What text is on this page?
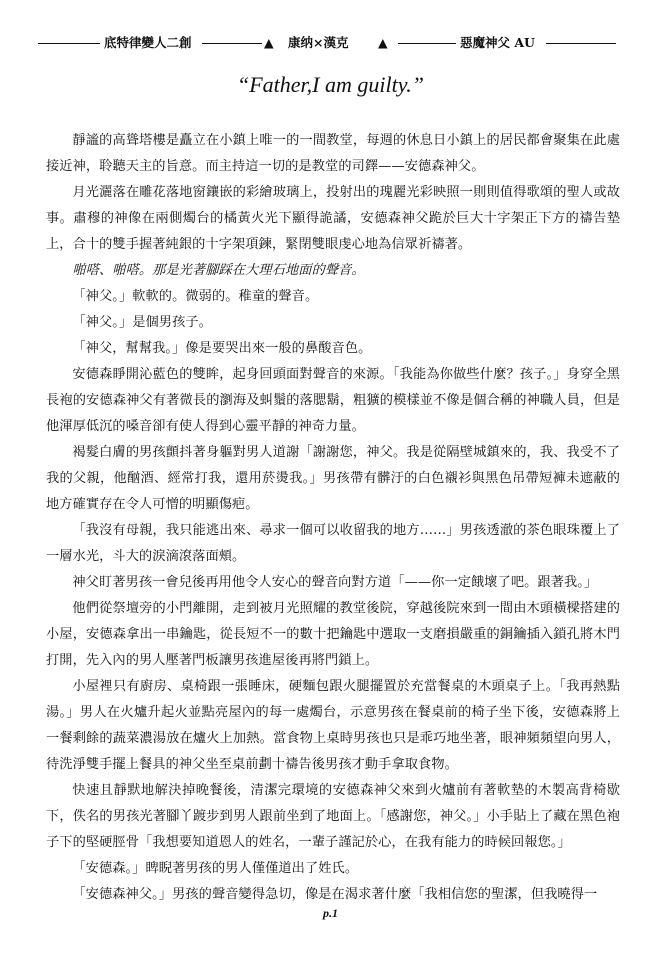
底特律變人二創	▲ 康纳×漢克 ▲	惡魔神父 AU
“Father,I am guilty.”

靜謐的高聳塔樓是矗立在小鎮上唯一的一間教堂，每週的休息日小鎮上的居民都會聚集在此處接近神，聆聽天主的旨意。而主持這一切的是教堂的司鐸——安德森神父。

月光灑落在雕花落地窗鑲嵌的彩繪玻璃上，投射出的瑰麗光彩映照一則則值得歌頌的聖人或故事。肅穆的神像在兩側燭台的橘黃火光下顯得詭譎，安德森神父跪於巨大十字架正下方的禱告墊上，合十的雙手握著純銀的十字架項鍊，緊閉雙眼虔心地為信眾祈禱著。

啪嗒、啪嗒。那是光著腳踩在大理石地面的聲音。

「神父。」軟軟的。微弱的。稚童的聲音。

「神父。」是個男孩子。

「神父，幫幫我。」像是要哭出來一般的鼻酸音色。

安德森睜開沁藍色的雙眸，起身回頭面對聲音的來源。「我能為你做些什麼？孩子。」身穿全黑長袍的安德森神父有著微長的瀏海及虯鬚的落腮鬍，粗獷的模樣並不像是個合稱的神職人員，但是他渾厚低沉的嗓音卻有使人得到心靈平靜的神奇力量。

褐髮白膚的男孩顫抖著身軀對男人道謝「謝謝您，神父。我是從隔壁城鎮來的，我、我受不了我的父親，他酗酒、經常打我，還用菸燙我。」男孩帶有髒汙的白色襯衫與黑色吊帶短褲未遮蔽的地方確實存在令人可憎的明顯傷疤。

「我沒有母親，我只能逃出來、尋求一個可以收留我的地方……」男孩透澈的茶色眼珠覆上了一層水光，斗大的淚滴滾落面頰。

神父盯著男孩一會兒後再用他令人安心的聲音向對方道「——你一定餓壞了吧。跟著我。」

他們從祭壇旁的小門離開，走到被月光照耀的教堂後院，穿越後院來到一間由木頭橫樑搭建的小屋，安德森拿出一串鑰匙，從長短不一的數十把鑰匙中選取一支磨損嚴重的銅鑰插入鎖孔將木門打開，先入內的男人壓著門板讓男孩進屋後再將門鎖上。

小屋裡只有廚房、桌椅跟一張睡床，硬麵包跟火腿擺置於充當餐桌的木頭桌子上。「我再熱點湯。」男人在火爐升起火並點亮屋內的每一處燭台，示意男孩在餐桌前的椅子坐下後，安德森將上一餐剩餘的蔬菜濃湯放在爐火上加熱。當食物上桌時男孩也只是乖巧地坐著，眼神頻頻望向男人，待洗淨雙手擺上餐具的神父坐至桌前劃十禱告後男孩才動手拿取食物。

快速且靜默地解決掉晚餐後，清潔完環境的安德森神父來到火爐前有著軟墊的木製高背椅歇下，佚名的男孩光著腳丫踱步到男人跟前坐到了地面上。「感謝您，神父。」小手貼上了藏在黑色袍子下的堅硬脛骨「我想要知道恩人的姓名，一輩子謹記於心，在我有能力的時候回報您。」

「安德森。」睥睨著男孩的男人僅僅道出了姓氏。

「安德森神父。」男孩的聲音變得急切，像是在渴求著什麼「我相信您的聖潔，但我曉得一

p.1
